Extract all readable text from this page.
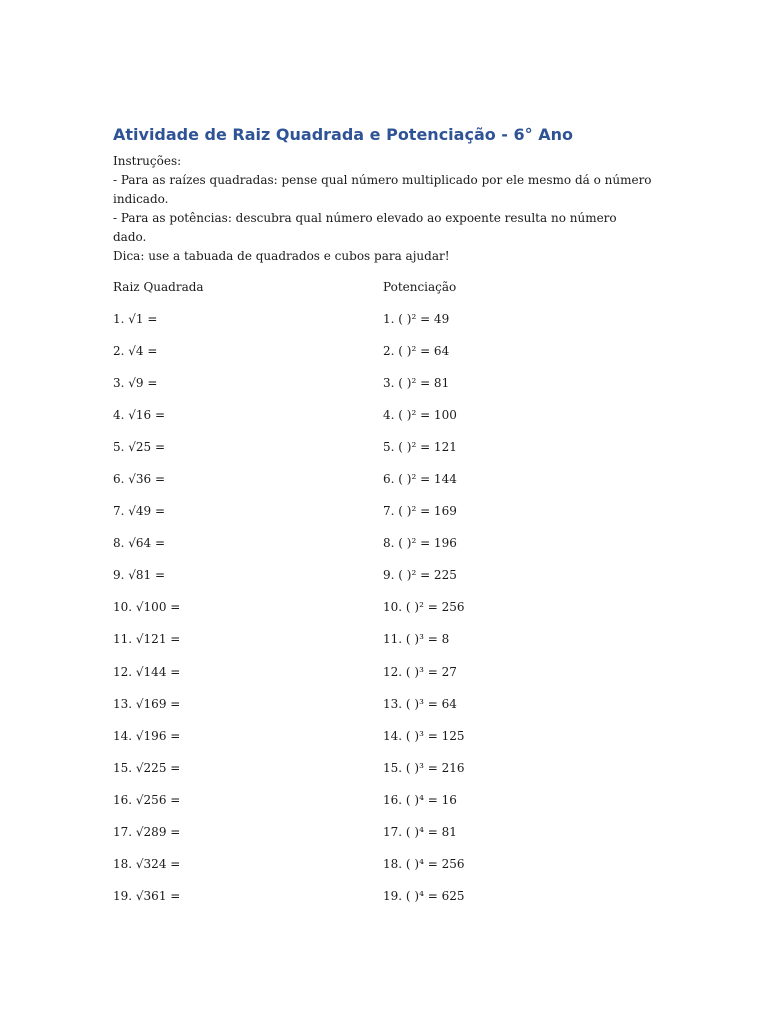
Atividade de Raiz Quadrada e Potenciação - 6° Ano

Instruções:

- Para as raízes quadradas: pense qual número multiplicado por ele mesmo dá o número indicado.

- Para as potências: descubra qual número elevado ao expoente resulta no número dado.

Dica: use a tabuada de quadrados e cubos para ajudar!

Raiz Quadrada
1. √1 =
2. √4 =
3. √9 =
4. √16 =
5. √25 =
6. √36 =
7. √49 =
8. √64 =
9. √81 =
10. √100 =
11. √121 =
12. √144 =
13. √169 =
14. √196 =
15. √225 =
16. √256 =
17. √289 =
18. √324 =
19. √361 =
Potenciação
1. ( )² = 49
2. ( )² = 64
3. ( )² = 81
4. ( )² = 100
5. ( )² = 121
6. ( )² = 144
7. ( )² = 169
8. ( )² = 196
9. ( )² = 225
10. ( )² = 256
11. ( )³ = 8
12. ( )³ = 27
13. ( )³ = 64
14. ( )³ = 125
15. ( )³ = 216
16. ( )⁴ = 16
17. ( )⁴ = 81
18. ( )⁴ = 256
19. ( )⁴ = 625
